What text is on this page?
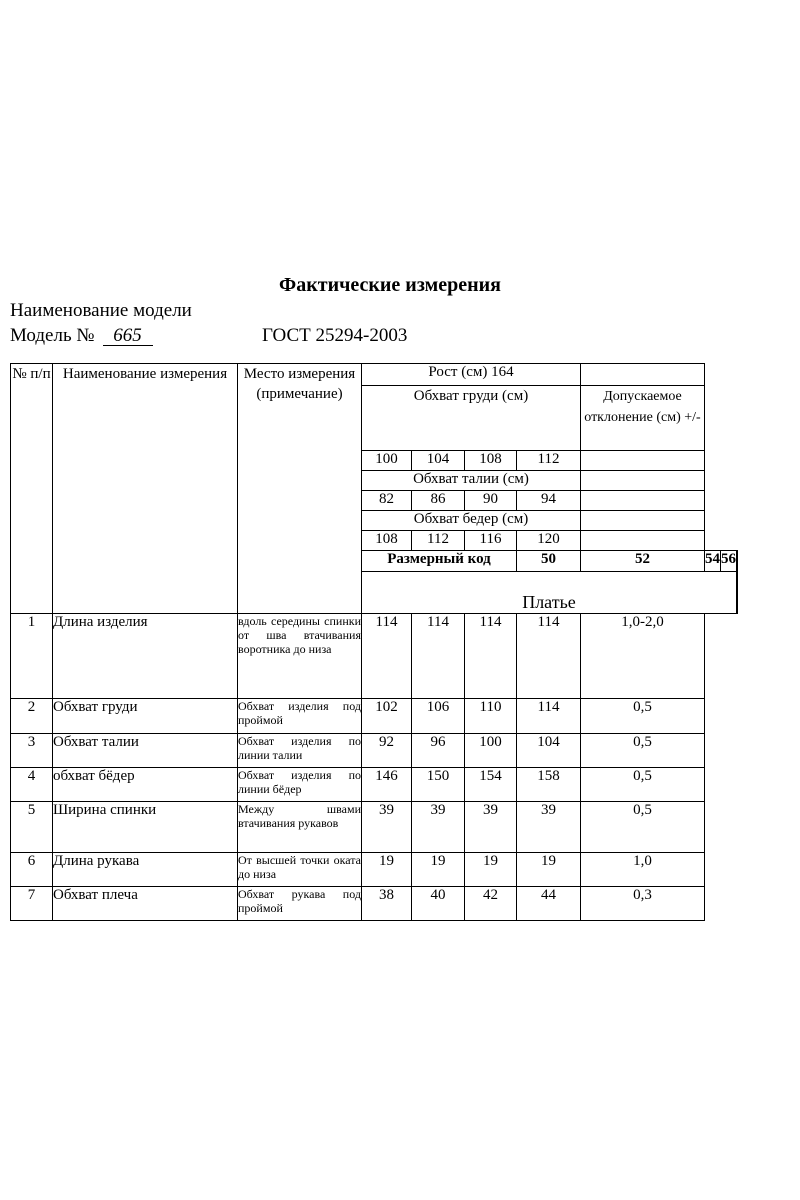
Фактические измерения
Наименование модели
Модель № 665	ГОСТ 25294-2003
№ п/п	Наименование измерения	Место измерения (примечание)	Рост (см) 164							
			Обхват груди (см)				Допускаемое отклонение (см) +/-			
			100	104	108	112				
			Обхват талии (см)							
			82	86	90	94				
			Обхват бедер (см)							
			108	112	116	120				
			Размерный код			50	52	54	56	
			Платье							
1	Длина изделия	вдоль середины спинки от шва втачивания воротника до низа	114	114	114	114	1,0-2,0			
2	Обхват груди	Обхват изделия под проймой	102	106	110	114	0,5			
3	Обхват талии	Обхват изделия по линии талии	92	96	100	104	0,5			
4	обхват бёдер	Обхват изделия по линии бёдер	146	150	154	158	0,5			
5	Ширина спинки	Между швами втачивания рукавов	39	39	39	39	0,5			
6	Длина рукава	От высшей точки оката до низа	19	19	19	19	1,0			
7	Обхват плеча	Обхват рукава под проймой	38	40	42	44	0,3			
